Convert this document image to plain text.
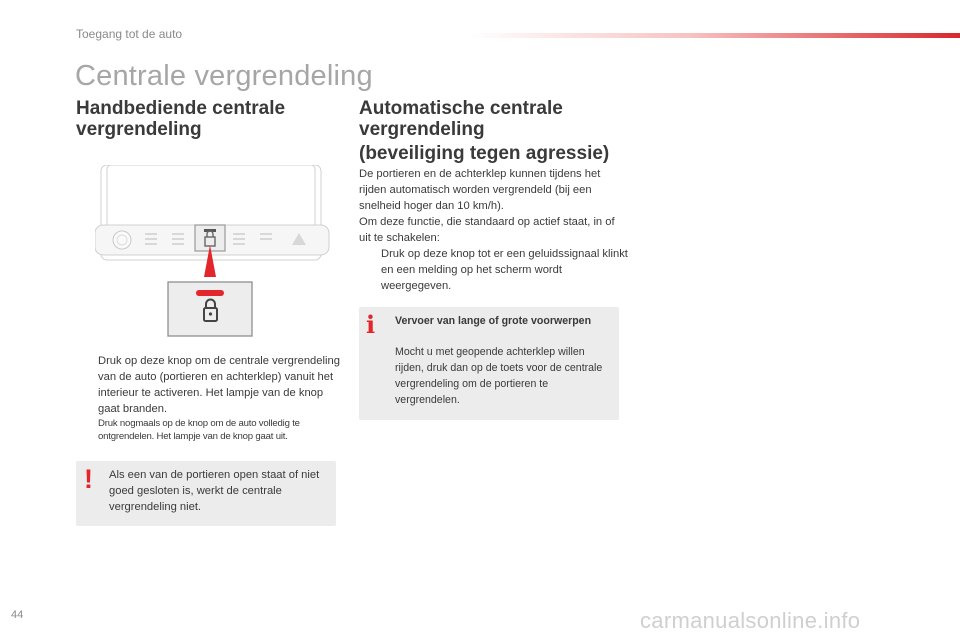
Toegang tot de auto
Centrale vergrendeling
Handbediende centrale vergrendeling
Automatische centrale vergrendeling
(beveiliging tegen agressie)
De portieren en de achterklep kunnen tijdens het rijden automatisch worden vergrendeld (bij een snelheid hoger dan 10 km/h).
Om deze functie, die standaard op actief staat, in of uit te schakelen:
Druk op deze knop tot er een geluidssignaal klinkt en een melding op het scherm wordt weergegeven.
Druk op deze knop om de centrale vergrendeling van de auto (portieren en achterklep) vanuit het interieur te activeren. Het lampje van de knop gaat branden.
Druk nogmaals op de knop om de auto volledig te ontgrendelen. Het lampje van de knop gaat uit.
! Als een van de portieren open staat of niet goed gesloten is, werkt de centrale vergrendeling niet.
i Vervoer van lange of grote voorwerpen
Mocht u met geopende achterklep willen rijden, druk dan op de toets voor de centrale vergrendeling om de portieren te vergrendelen.
44	carmanualsonline.info
